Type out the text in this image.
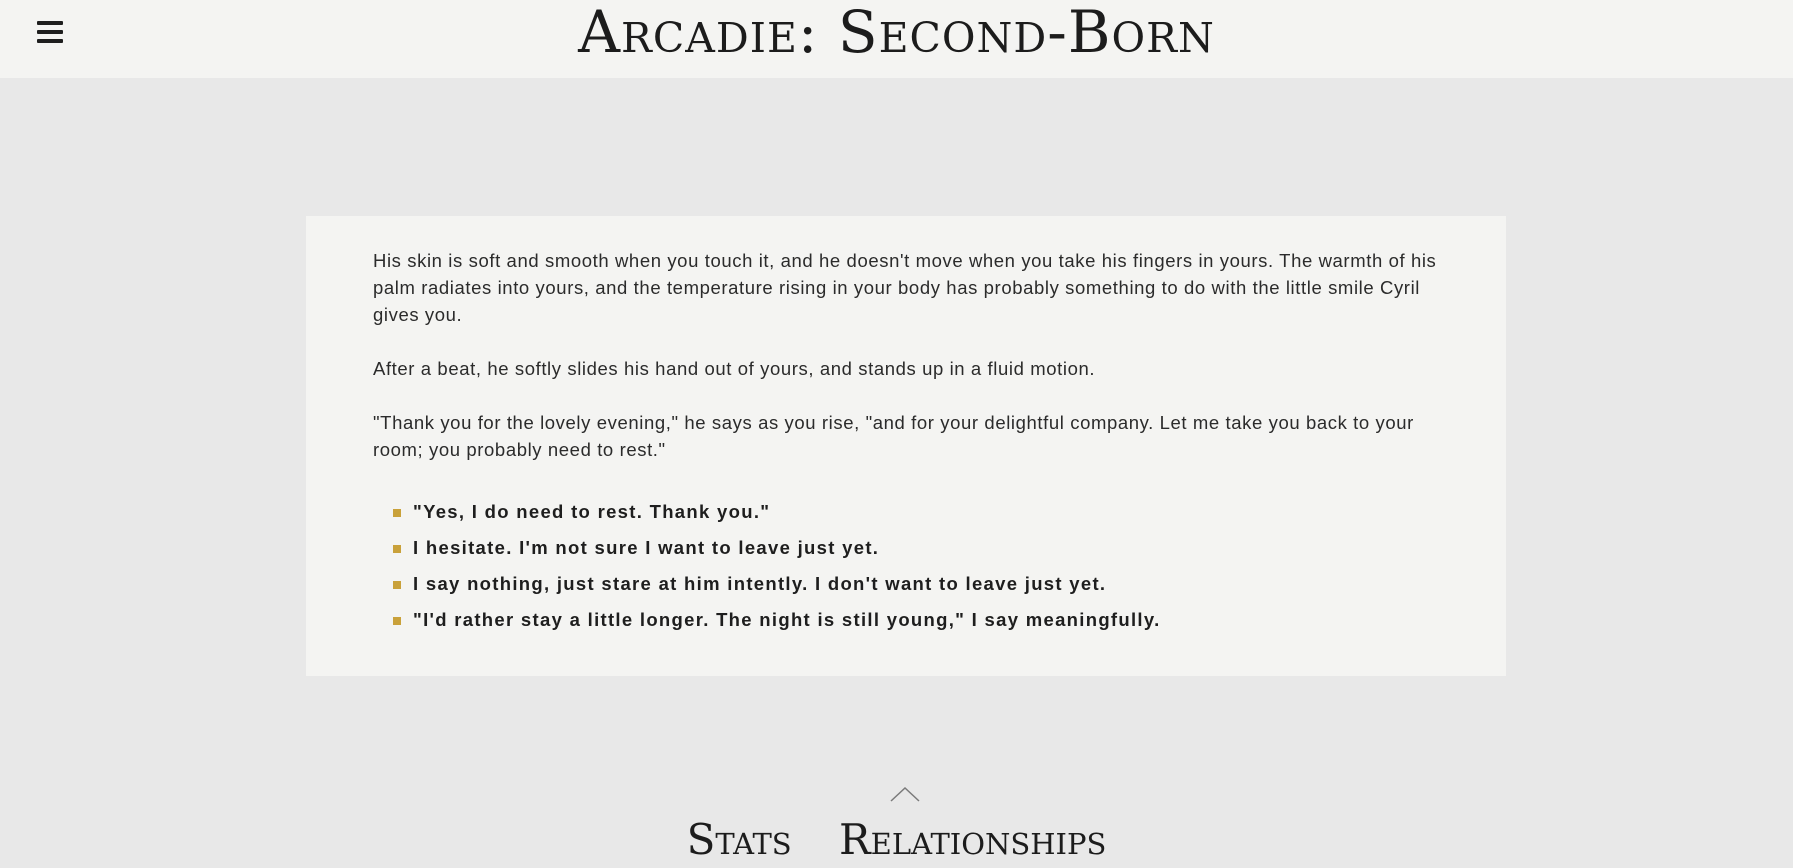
Arcadie: Second-Born

His skin is soft and smooth when you touch it, and he doesn't move when you take his fingers in yours. The warmth of his palm radiates into yours, and the temperature rising in your body has probably something to do with the little smile Cyril gives you.

After a beat, he softly slides his hand out of yours, and stands up in a fluid motion.

"Thank you for the lovely evening," he says as you rise, "and for your delightful company. Let me take you back to your room; you probably need to rest."

"Yes, I do need to rest. Thank you."
I hesitate. I'm not sure I want to leave just yet.
I say nothing, just stare at him intently. I don't want to leave just yet.
"I'd rather stay a little longer. The night is still young," I say meaningfully.
Stats Relationships
